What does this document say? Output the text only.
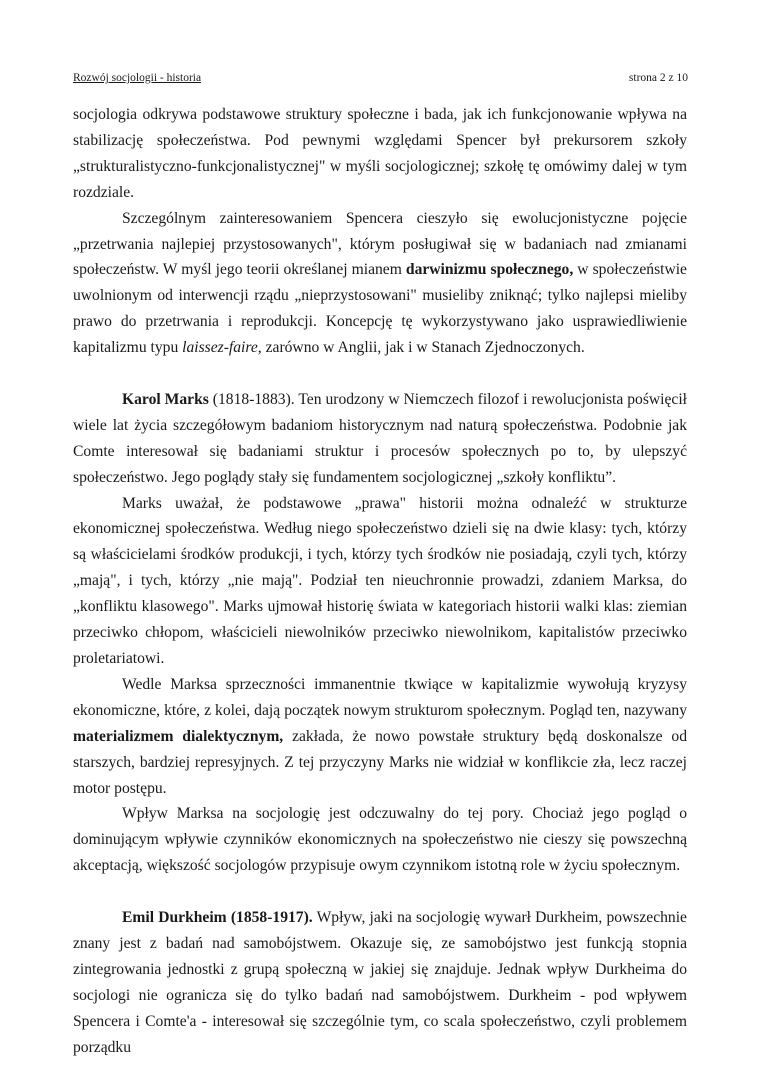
Rozwój socjologii - historia	strona 2 z 10

socjologia odkrywa podstawowe struktury społeczne i bada, jak ich funkcjonowanie wpływa na stabilizację społeczeństwa. Pod pewnymi względami Spencer był prekursorem szkoły „strukturalistyczno-funkcjonalistycznej" w myśli socjologicznej; szkołę tę omówimy dalej w tym rozdziale.

Szczególnym zainteresowaniem Spencera cieszyło się ewolucjonistyczne pojęcie „przetrwania najlepiej przystosowanych", którym posługiwał się w badaniach nad zmianami społeczeństw. W myśl jego teorii określanej mianem darwinizmu społecznego, w społeczeństwie uwolnionym od interwencji rządu „nieprzystosowani" musieliby zniknąć; tylko najlepsi mieliby prawo do przetrwania i reprodukcji. Koncepcję tę wykorzystywano jako usprawiedliwienie kapitalizmu typu laissez-faire, zarówno w Anglii, jak i w Stanach Zjednoczonych.

Karol Marks (1818-1883). Ten urodzony w Niemczech filozof i rewolucjonista poświęcił wiele lat życia szczegółowym badaniom historycznym nad naturą społeczeństwa. Podobnie jak Comte interesował się badaniami struktur i procesów społecznych po to, by ulepszyć społeczeństwo. Jego poglądy stały się fundamentem socjologicznej „szkoły konfliktu”.

Marks uważał, że podstawowe „prawa" historii można odnaleźć w strukturze ekonomicznej społeczeństwa. Według niego społeczeństwo dzieli się na dwie klasy: tych, którzy są właścicielami środków produkcji, i tych, którzy tych środków nie posiadają, czyli tych, którzy „mają", i tych, którzy „nie mają". Podział ten nieuchronnie prowadzi, zdaniem Marksa, do „konfliktu klasowego". Marks ujmował historię świata w kategoriach historii walki klas: ziemian przeciwko chłopom, właścicieli niewolników przeciwko niewolnikom, kapitalistów przeciwko proletariatowi.

Wedle Marksa sprzeczności immanentnie tkwiące w kapitalizmie wywołują kryzysy ekonomiczne, które, z kolei, dają początek nowym strukturom społecznym. Pogląd ten, nazywany materializmem dialektycznym, zakłada, że nowo powstałe struktury będą doskonalsze od starszych, bardziej represyjnych. Z tej przyczyny Marks nie widział w konflikcie zła, lecz raczej motor postępu.

Wpływ Marksa na socjologię jest odczuwalny do tej pory. Chociaż jego pogląd o dominującym wpływie czynników ekonomicznych na społeczeństwo nie cieszy się powszechną akceptacją, większość socjologów przypisuje owym czynnikom istotną role w życiu społecznym.

Emil Durkheim (1858-1917). Wpływ, jaki na socjologię wywarł Durkheim, powszechnie znany jest z badań nad samobójstwem. Okazuje się, ze samobójstwo jest funkcją stopnia zintegrowania jednostki z grupą społeczną w jakiej się znajduje. Jednak wpływ Durkheima do socjologi nie ogranicza się do tylko badań nad samobójstwem. Durkheim - pod wpływem Spencera i Comte'a - interesował się szczególnie tym, co scala społeczeństwo, czyli problemem porządku
